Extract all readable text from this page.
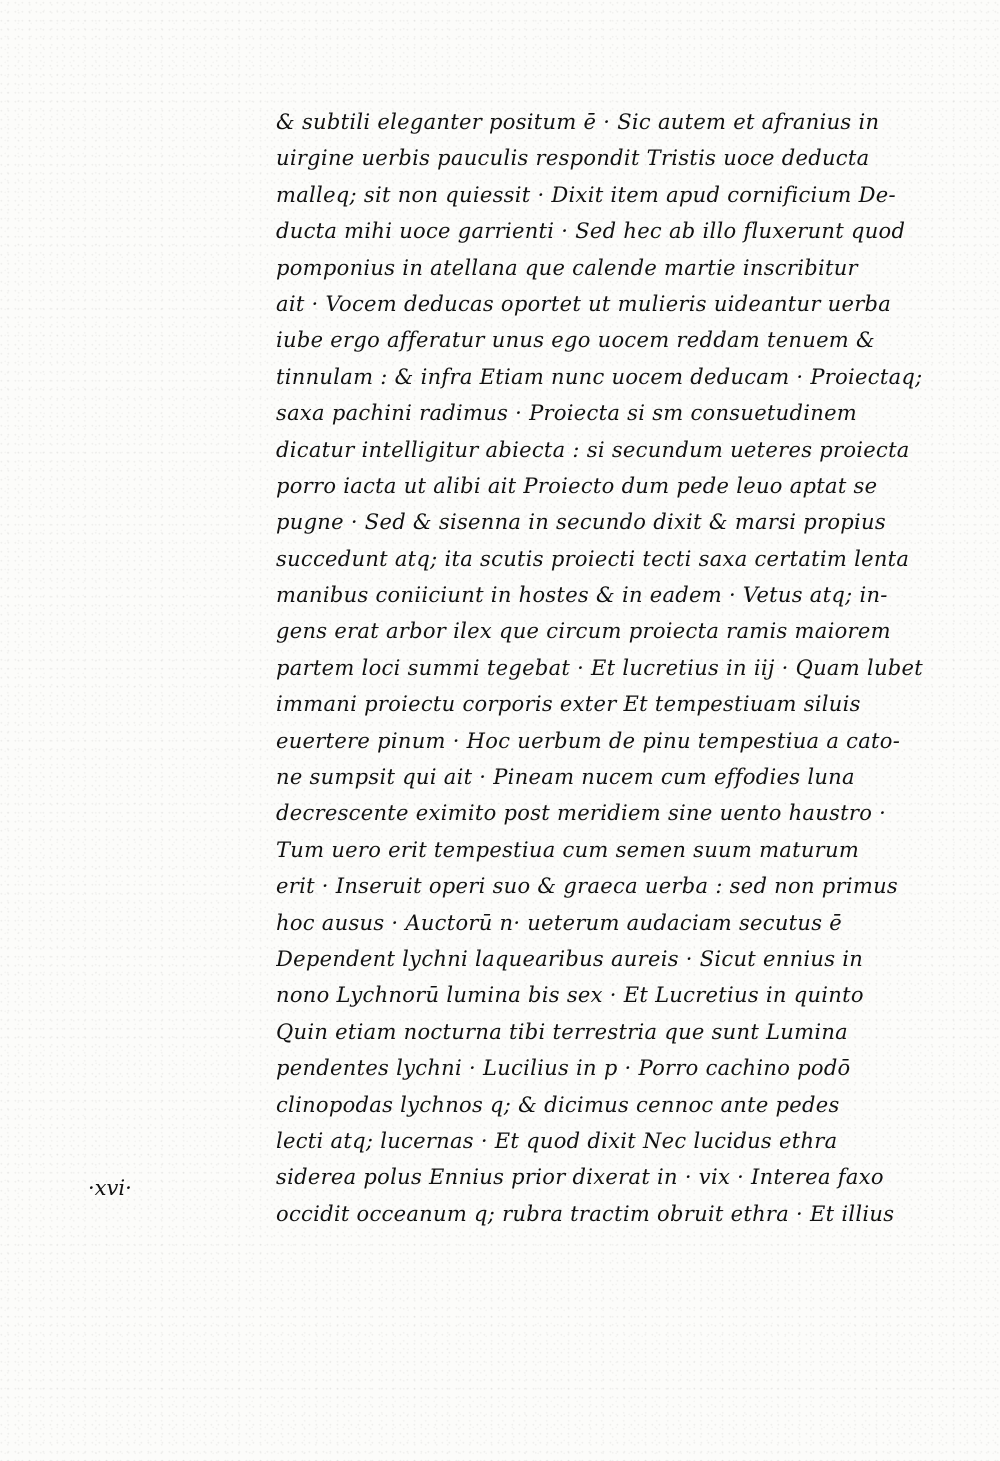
·xvi·
& subtili eleganter positum ē · Sic autem et afranius in
uirgine uerbis pauculis respondit Tristis uoce deducta
malleq; sit non quiessit · Dixit item apud cornificium De-
ducta mihi uoce garrienti · Sed hec ab illo fluxerunt quod
pomponius in atellana que calende martie inscribitur
ait · Vocem deducas oportet ut mulieris uideantur uerba
iube ergo afferatur unus ego uocem reddam tenuem &
tinnulam : & infra Etiam nunc uocem deducam · Proiectaq;
saxa pachini radimus · Proiecta si sm consuetudinem
dicatur intelligitur abiecta : si secundum ueteres proiecta
porro iacta ut alibi ait Proiecto dum pede leuo aptat se
pugne · Sed & sisenna in secundo dixit & marsi propius
succedunt atq; ita scutis proiecti tecti saxa certatim lenta
manibus coniiciunt in hostes & in eadem · Vetus atq; in-
gens erat arbor ilex que circum proiecta ramis maiorem
partem loci summi tegebat · Et lucretius in iij · Quam lubet
immani proiectu corporis exter Et tempestiuam siluis
euertere pinum · Hoc uerbum de pinu tempestiua a cato-
ne sumpsit qui ait · Pineam nucem cum effodies luna
decrescente eximito post meridiem sine uento haustro ·
Tum uero erit tempestiua cum semen suum maturum
erit · Inseruit operi suo & graeca uerba : sed non primus
hoc ausus · Auctorū n· ueterum audaciam secutus ē
Dependent lychni laquearibus aureis · Sicut ennius in
nono Lychnorū lumina bis sex · Et Lucretius in quinto
Quin etiam nocturna tibi terrestria que sunt Lumina
pendentes lychni · Lucilius in p · Porro cachino podō
clinopodas lychnos q; & dicimus cennoc ante pedes
lecti atq; lucernas · Et quod dixit Nec lucidus ethra
siderea polus Ennius prior dixerat in · vix · Interea faxo
occidit occeanum q; rubra tractim obruit ethra · Et illius
